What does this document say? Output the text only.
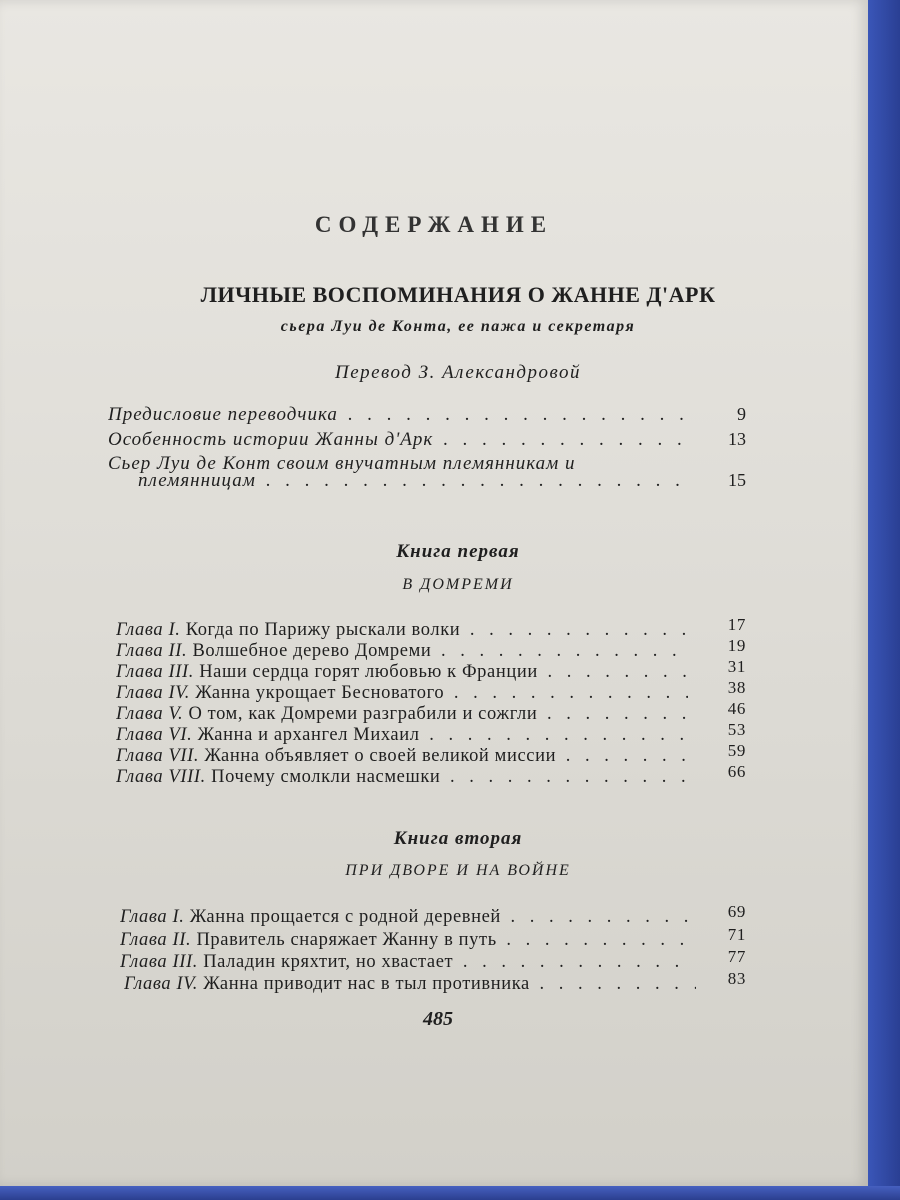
СОДЕРЖАНИЕ
ЛИЧНЫЕ ВОСПОМИНАНИЯ О ЖАННЕ Д'АРК
сьера Луи де Конта, ее пажа и секретаря
Перевод З. Александровой
Предисловие переводчика . . .	9
Особенность истории Жанны д'Арк . . .	13
Сьер Луи де Конт своим внучатным племянникам и
племянницам . . .	15
Книга первая
В ДОМРЕМИ
Глава I. Когда по Парижу рыскали волки . . .	17
Глава II. Волшебное дерево Домреми . . .	19
Глава III. Наши сердца горят любовью к Франции . . .	31
Глава IV. Жанна укрощает Бесноватого . . .	38
Глава V. О том, как Домреми разграбили и сожгли . . .	46
Глава VI. Жанна и архангел Михаил . . .	53
Глава VII. Жанна объявляет о своей великой миссии . . .	59
Глава VIII. Почему смолкли насмешки . . .	66
Книга вторая
ПРИ ДВОРЕ И НА ВОЙНЕ
Глава I. Жанна прощается с родной деревней . . .	69
Глава II. Правитель снаряжает Жанну в путь . . .	71
Глава III. Паладин кряхтит, но хвастает . . .	77
Глава IV. Жанна приводит нас в тыл противника . . .	83
485
